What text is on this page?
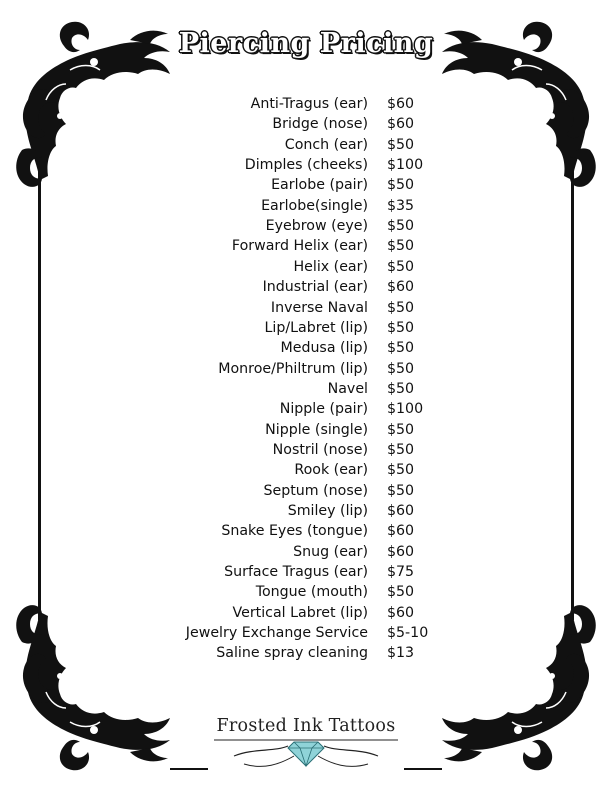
Piercing Pricing
Anti-Tragus (ear) $60
Bridge (nose) $60
Conch (ear) $50
Dimples (cheeks) $100
Earlobe (pair) $50
Earlobe(single) $35
Eyebrow (eye) $50
Forward Helix (ear) $50
Helix (ear) $50
Industrial (ear) $60
Inverse Naval $50
Lip/Labret (lip) $50
Medusa (lip) $50
Monroe/Philtrum (lip) $50
Navel $50
Nipple (pair) $100
Nipple (single) $50
Nostril (nose) $50
Rook (ear) $50
Septum (nose) $50
Smiley (lip) $60
Snake Eyes (tongue) $60
Snug (ear) $60
Surface Tragus (ear) $75
Tongue (mouth) $50
Vertical Labret (lip) $60
Jewelry Exchange Service $5-10
Saline spray cleaning $13
Frosted Ink Tattoos
